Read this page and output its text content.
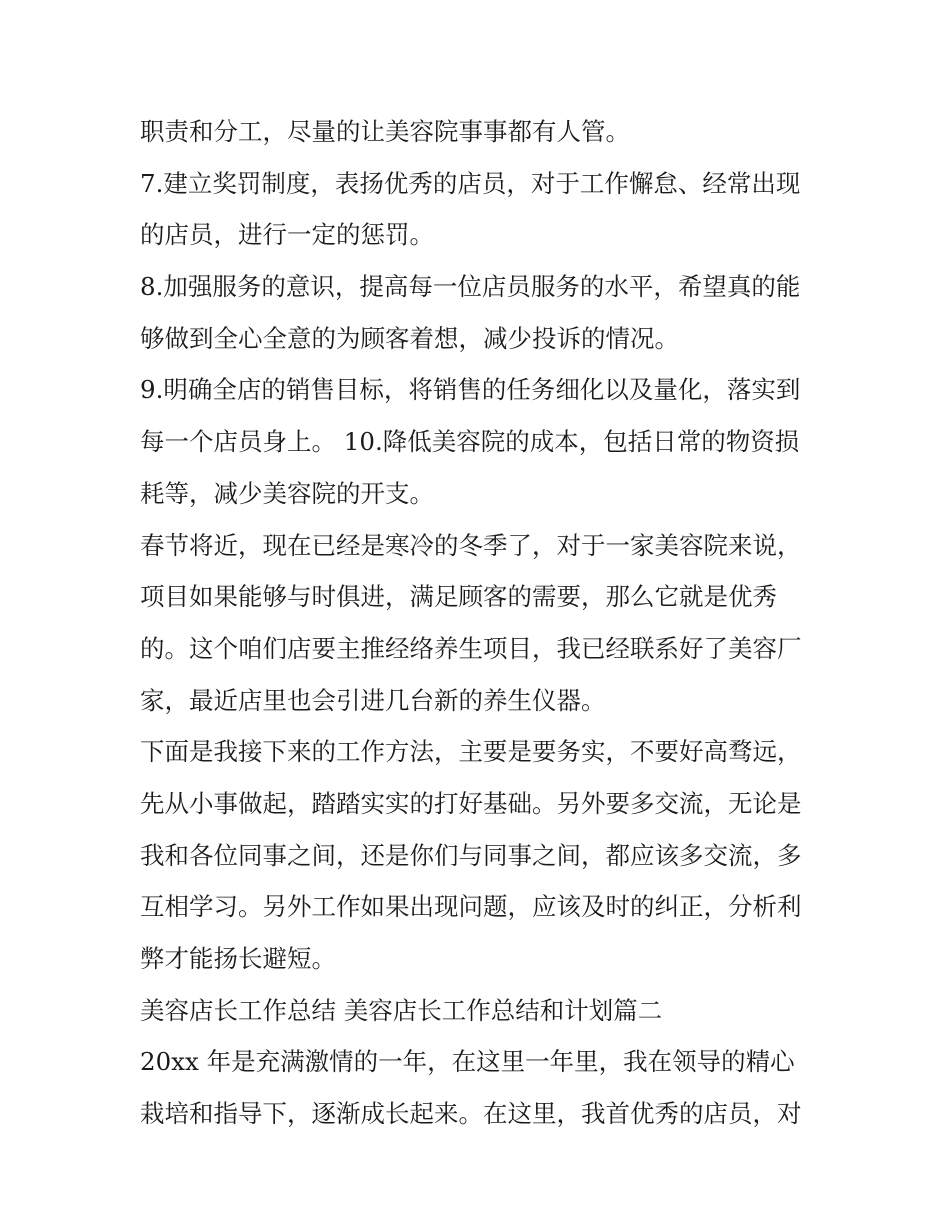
职责和分工，尽量的让美容院事事都有人管。
7.建立奖罚制度，表扬优秀的店员，对于工作懈怠、经常出现
的店员，进行一定的惩罚。
8.加强服务的意识，提高每一位店员服务的水平，希望真的能
够做到全心全意的为顾客着想，减少投诉的情况。
9.明确全店的销售目标，将销售的任务细化以及量化，落实到
每一个店员身上。 10.降低美容院的成本，包括日常的物资损
耗等，减少美容院的开支。
春节将近，现在已经是寒冷的冬季了，对于一家美容院来说，
项目如果能够与时俱进，满足顾客的需要，那么它就是优秀
的。这个咱们店要主推经络养生项目，我已经联系好了美容厂
家，最近店里也会引进几台新的养生仪器。
下面是我接下来的工作方法，主要是要务实，不要好高骛远，
先从小事做起，踏踏实实的打好基础。另外要多交流，无论是
我和各位同事之间，还是你们与同事之间，都应该多交流，多
互相学习。另外工作如果出现问题，应该及时的纠正，分析利
弊才能扬长避短。
美容店长工作总结 美容店长工作总结和计划篇二
20xx 年是充满激情的一年，在这里一年里，我在领导的精心
栽培和指导下，逐渐成长起来。在这里，我首优秀的店员，对
